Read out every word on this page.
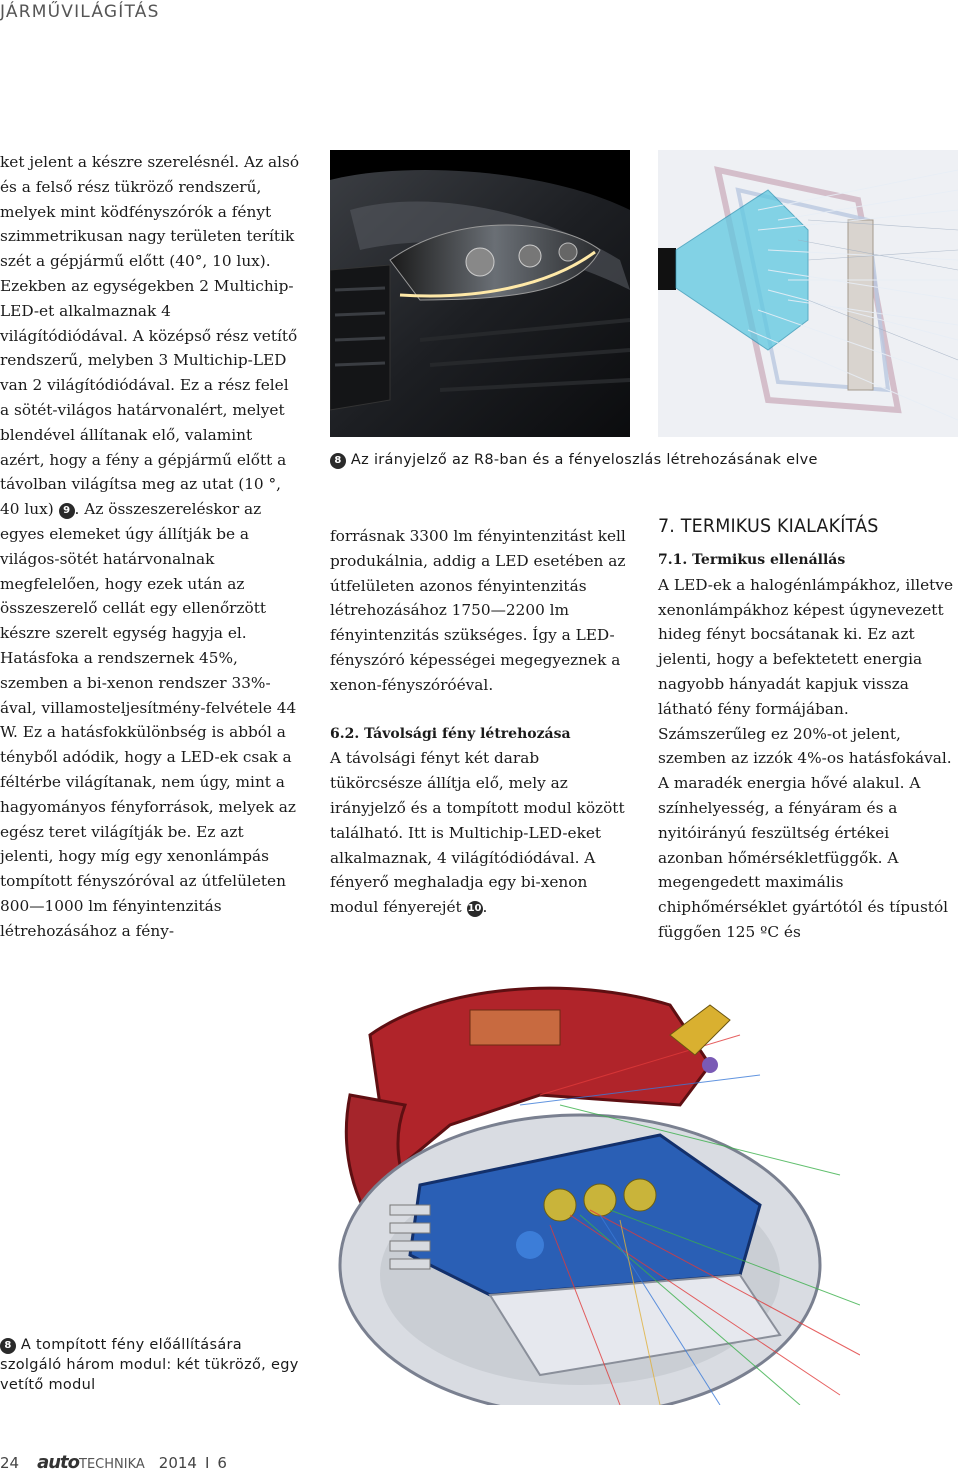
JÁRMŰVILÁGÍTÁS

ket jelent a készre szerelésnél. Az alsó és a felső rész tükröző rendszerű, melyek mint ködfényszórók a fényt szimmetrikusan nagy területen terítik szét a gépjármű előtt (40°, 10 lux). Ezekben az egységekben 2 Multichip-LED-et alkalmaznak 4 világítódiódával. A középső rész vetítő rendszerű, melyben 3 Multichip-LED van 2 világítódiódával. Ez a rész felel a sötét-világos határvonalért, melyet blendével állítanak elő, valamint azért, hogy a fény a gépjármű előtt a távolban világítsa meg az utat (10 °, 40 lux) 9 . Az összeszereléskor az egyes elemeket úgy állítják be a világos-sötét határvonalnak megfelelően, hogy ezek után az összeszerelő cellát egy ellenőrzött készre szerelt egység hagyja el.

Hatásfoka a rendszernek 45%, szemben a bi-xenon rendszer 33%-ával, villamosteljesítmény-felvétele 44 W. Ez a hatásfokkülönbség is abból a tényből adódik, hogy a LED-ek csak a féltérbe világítanak, nem úgy, mint a hagyományos fényforrások, melyek az egész teret világítják be. Ez azt jelenti, hogy míg egy xenonlámpás tompított fényszóróval az útfelületen 800—1000 lm fényintenzitás létrehozásához a fény-

8 Az irányjelző az R8-ban és a fényeloszlás létrehozásának elve

forrásnak 3300 lm fényintenzitást kell produkálnia, addig a LED esetében az útfelületen azonos fényintenzitás létrehozásához 1750—2200 lm fényintenzitás szükséges. Így a LED-fényszóró képességei megegyeznek a xenon-fényszóróéval.

6.2. Távolsági fény létrehozása

A távolsági fényt két darab tükörcsésze állítja elő, mely az irányjelző és a tompított modul között található. Itt is Multichip-LED-eket alkalmaznak, 4 világítódiódával. A fényerő meghaladja egy bi-xenon modul fényerejét 10.

7. TERMIKUS KIALAKÍTÁS

7.1. Termikus ellenállás

A LED-ek a halogénlámpákhoz, illetve xenonlámpákhoz képest úgynevezett hideg fényt bocsátanak ki. Ez azt jelenti, hogy a befektetett energia nagyobb hányadát kapjuk vissza látható fény formájában. Számszerűleg ez 20%-ot jelent, szemben az izzók 4%-os hatásfokával. A maradék energia hővé alakul. A színhelyesség, a fényáram és a nyitóirányú feszültség értékei azonban hőmérsékletfüggők. A megengedett maximális chiphőmérséklet gyártótól és típustól függően 125 ºC és

8 A tompított fény előállítására szolgáló három modul: két tükröző, egy vetítő modul
24 autoTECHNIKA 2014 I 6
